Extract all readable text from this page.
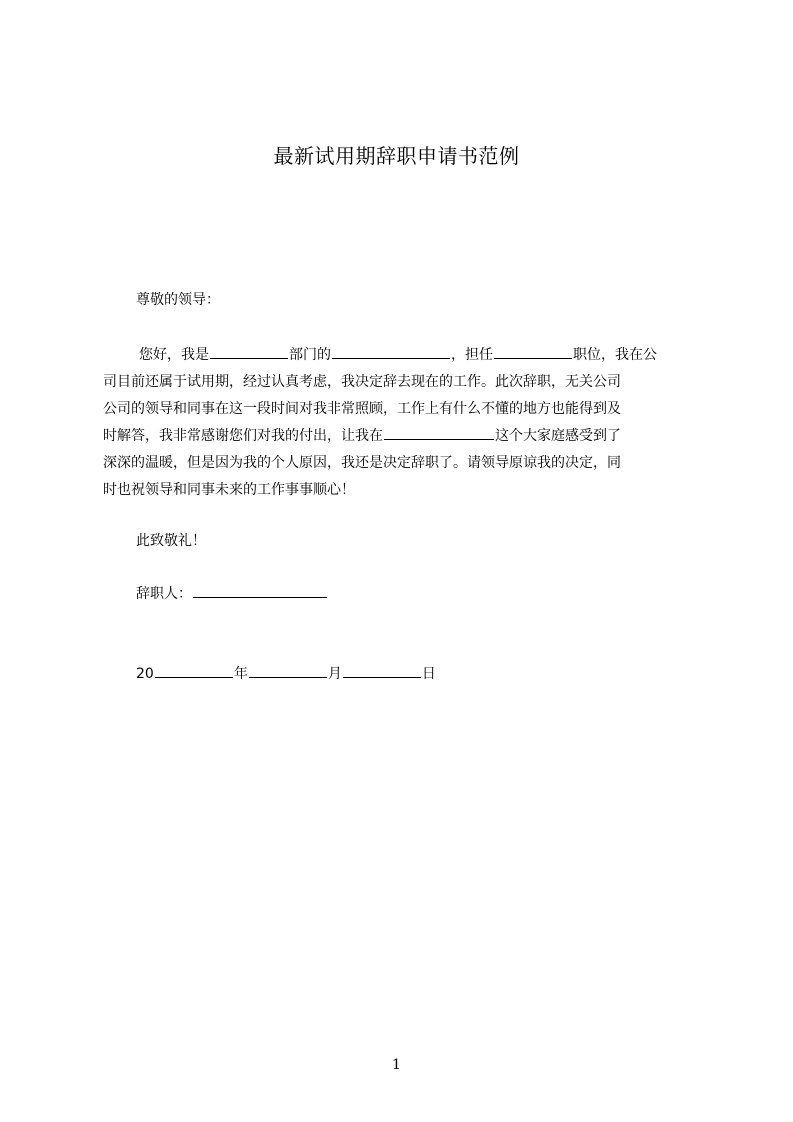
最新试用期辞职申请书范例
尊敬的领导：
您好，我是	部门的	，担任	职位，我在公
司目前还属于试用期，经过认真考虑，我决定辞去现在的工作。此次辞职，无关公司
公司的领导和同事在这一段时间对我非常照顾，工作上有什么不懂的地方也能得到及
时解答，我非常感谢您们对我的付出，让我在	这个大家庭感受到了
深深的温暖，但是因为我的个人原因，我还是决定辞职了。请领导原谅我的决定，同
时也祝领导和同事未来的工作事事顺心！
此致敬礼！
辞职人：
20	年	月	日
1
